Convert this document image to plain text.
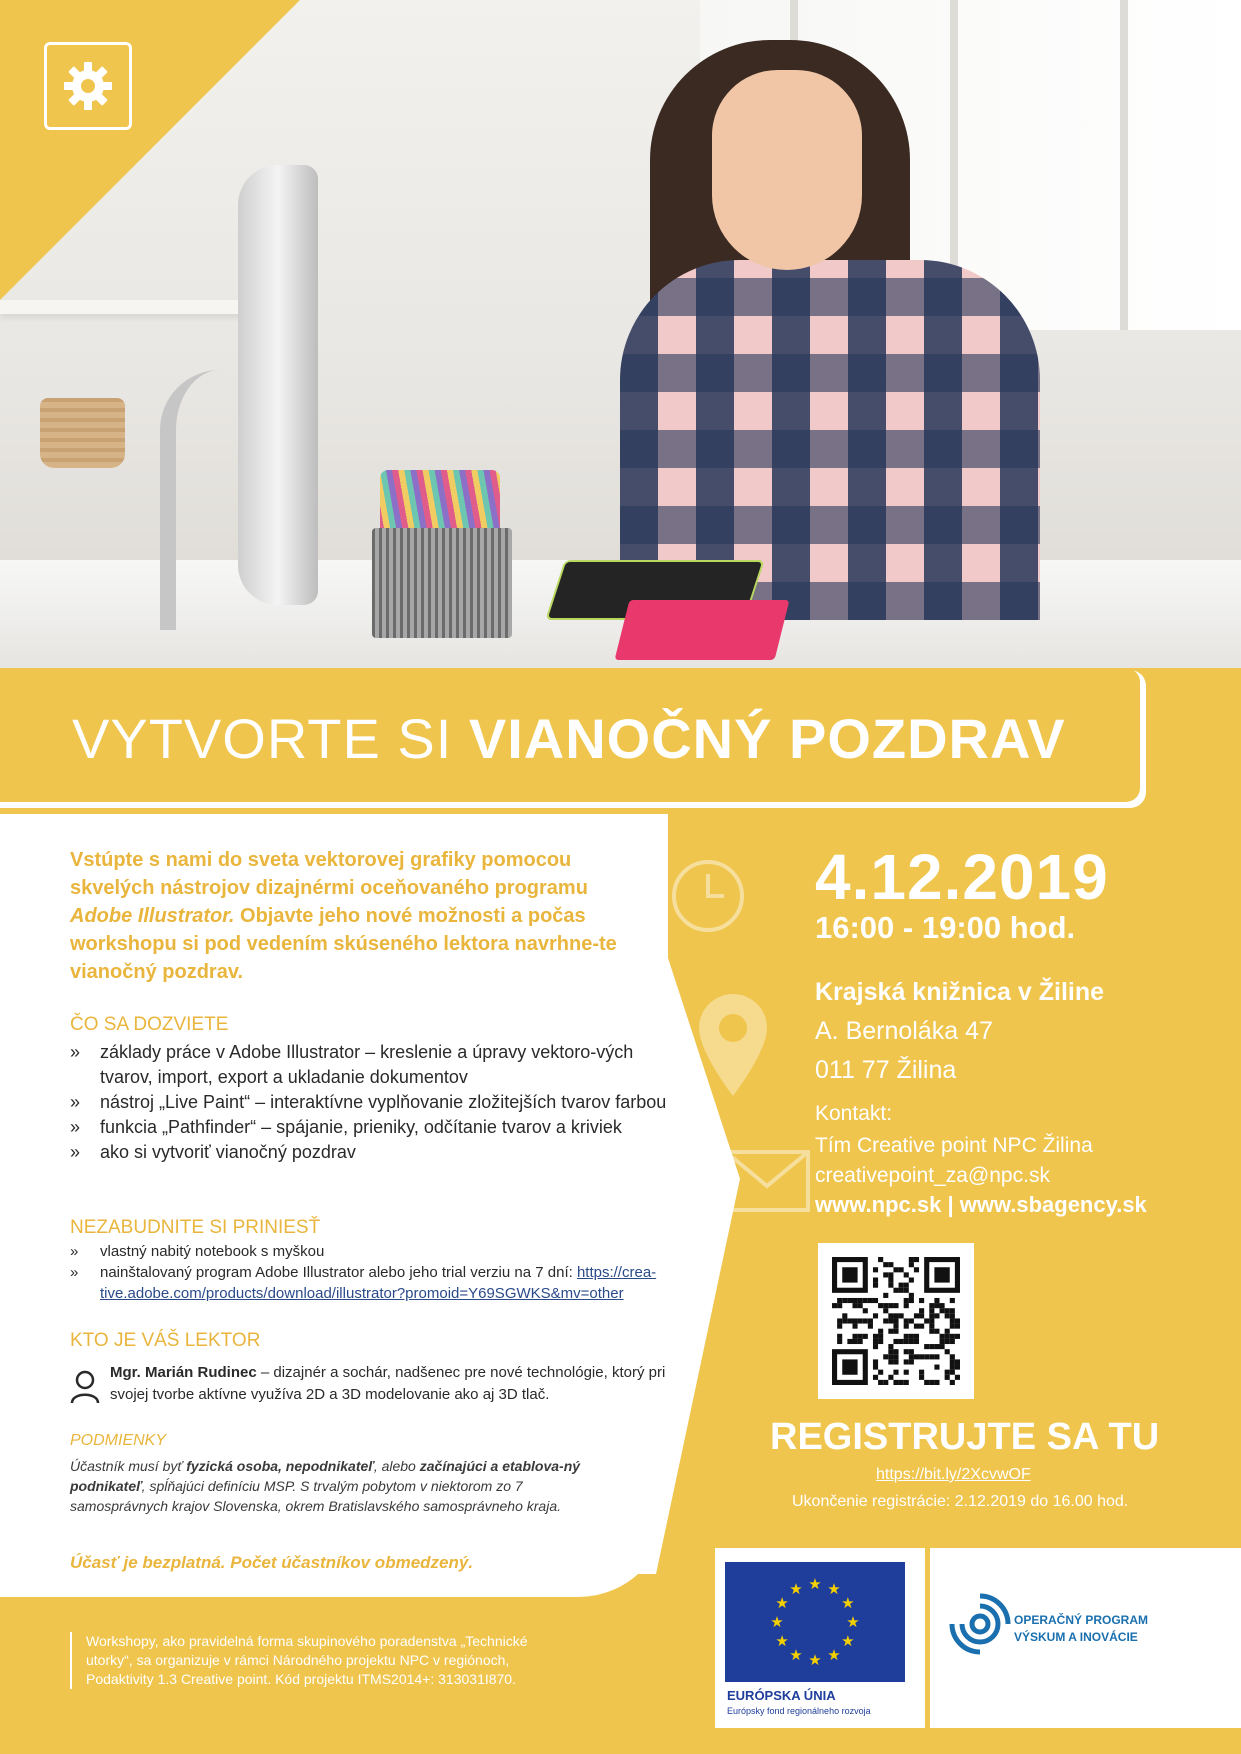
VYTVORTE SI VIANOČNÝ POZDRAV

Vstúpte s nami do sveta vektorovej grafiky pomocou skvelých nástrojov dizajnérmi oceňovaného programu Adobe Illustrator. Objavte jeho nové možnosti a počas workshopu si pod vedením skúseného lektora navrhne-te vianočný pozdrav.

ČO SA DOZVIETE
» základy práce v Adobe Illustrator – kreslenie a úpravy vektoro-vých tvarov, import, export a ukladanie dokumentov
» nástroj „Live Paint“ – interaktívne vyplňovanie zložitejších tvarov farbou
» funkcia „Pathfinder“ – spájanie, prieniky, odčítanie tvarov a kriviek
» ako si vytvoriť vianočný pozdrav
NEZABUDNITE SI PRINIESŤ
» vlastný nabitý notebook s myškou
» nainštalovaný program Adobe Illustrator alebo jeho trial verziu na 7 dní: https://crea-tive.adobe.com/products/download/illustrator?promoid=Y69SGWKS&mv=other
KTO JE VÁŠ LEKTOR

Mgr. Marián Rudinec – dizajnér a sochár, nadšenec pre nové technológie, ktorý pri svojej tvorbe aktívne využíva 2D a 3D modelovanie ako aj 3D tlač.

PODMIENKY

Účastník musí byť fyzická osoba, nepodnikateľ, alebo začínajúci a etablova-ný podnikateľ, spĺňajúci definíciu MSP. S trvalým pobytom v niektorom zo 7 samosprávnych krajov Slovenska, okrem Bratislavského samosprávneho kraja.

Účasť je bezplatná. Počet účastníkov obmedzený.
4.12.2019
16:00 - 19:00 hod.
Krajská knižnica v Žiline
A. Bernoláka 47
011 77 Žilina
Kontakt:
Tím Creative point NPC Žilina
creativepoint_za@npc.sk
www.npc.sk | www.sbagency.sk
REGISTRUJTE SA TU
https://bit.ly/2XcvwOF
Ukončenie registrácie: 2.12.2019 do 16.00 hod.

Workshopy, ako pravidelná forma skupinového poradenstva „Technické utorky“, sa organizuje v rámci Národného projektu NPC v regiónoch, Podaktivity 1.3 Creative point. Kód projektu ITMS2014+: 313031I870.

★ ★
★
★
★
★
★
★
★
★
★
★
EURÓPSKA ÚNIA
Európsky fond regionálneho rozvoja
OPERAČNÝ PROGRAM
VÝSKUM A INOVÁCIE
